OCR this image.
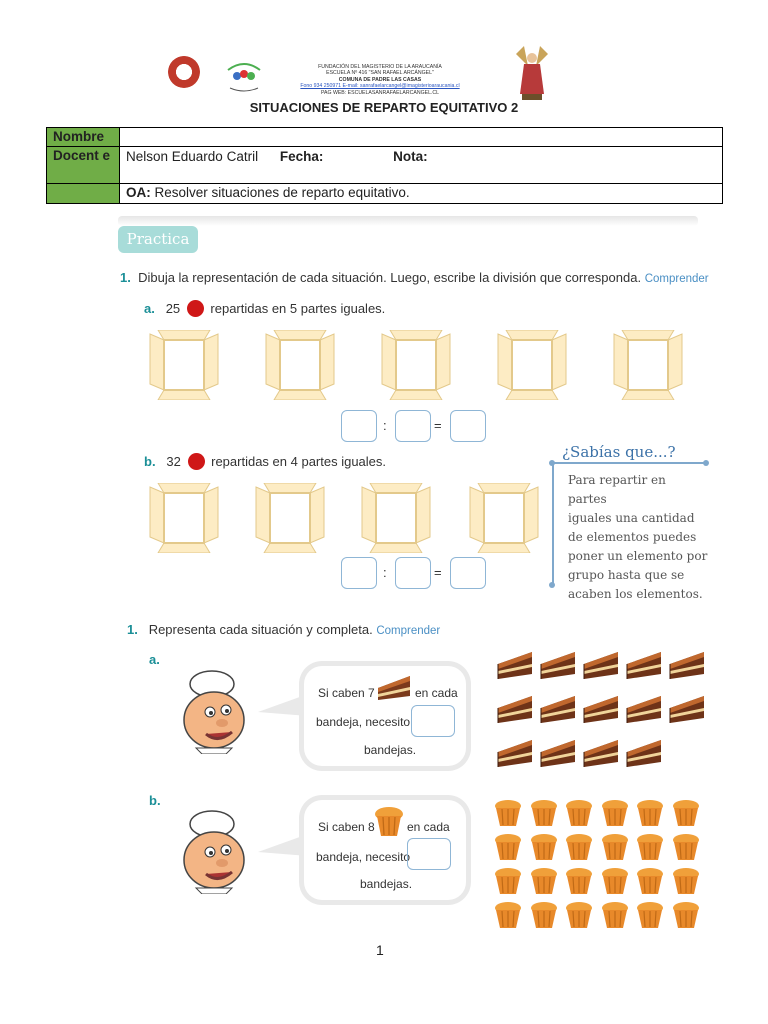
FUNDACIÓN DEL MAGISTERIO DE LA ARAUCANÍA
ESCUELA Nº 416 "SAN RAFAEL ARCÁNGEL"
COMUNA DE PADRE LAS CASAS
Fono 934 250971 E-mail: sanrafaelarcangel@imagisterioaraucania.cl
PAG WEB: ESCUELASANRAFAELARCANGEL.CL
SITUACIONES DE REPARTO EQUITATIVO 2
Nombre	
Docent e	Nelson Eduardo Catril Fecha: Nota:
	OA: Resolver situaciones de reparto equitativo.
Practica
1. Dibuja la representación de cada situación. Luego, escribe la división que corresponda. Comprender
a. 25 repartidas en 5 partes iguales.
:	=
b. 32 repartidas en 4 partes iguales.
:	=
¿Sabías que...?
Para repartir en partes
iguales una cantidad
de elementos puedes
poner un elemento por
grupo hasta que se
acaben los elementos.
1. Representa cada situación y completa. Comprender
a.
b.
Si caben 7	en cada
bandeja, necesito
bandejas.
Si caben 8	en cada
bandeja, necesito
bandejas.
1
